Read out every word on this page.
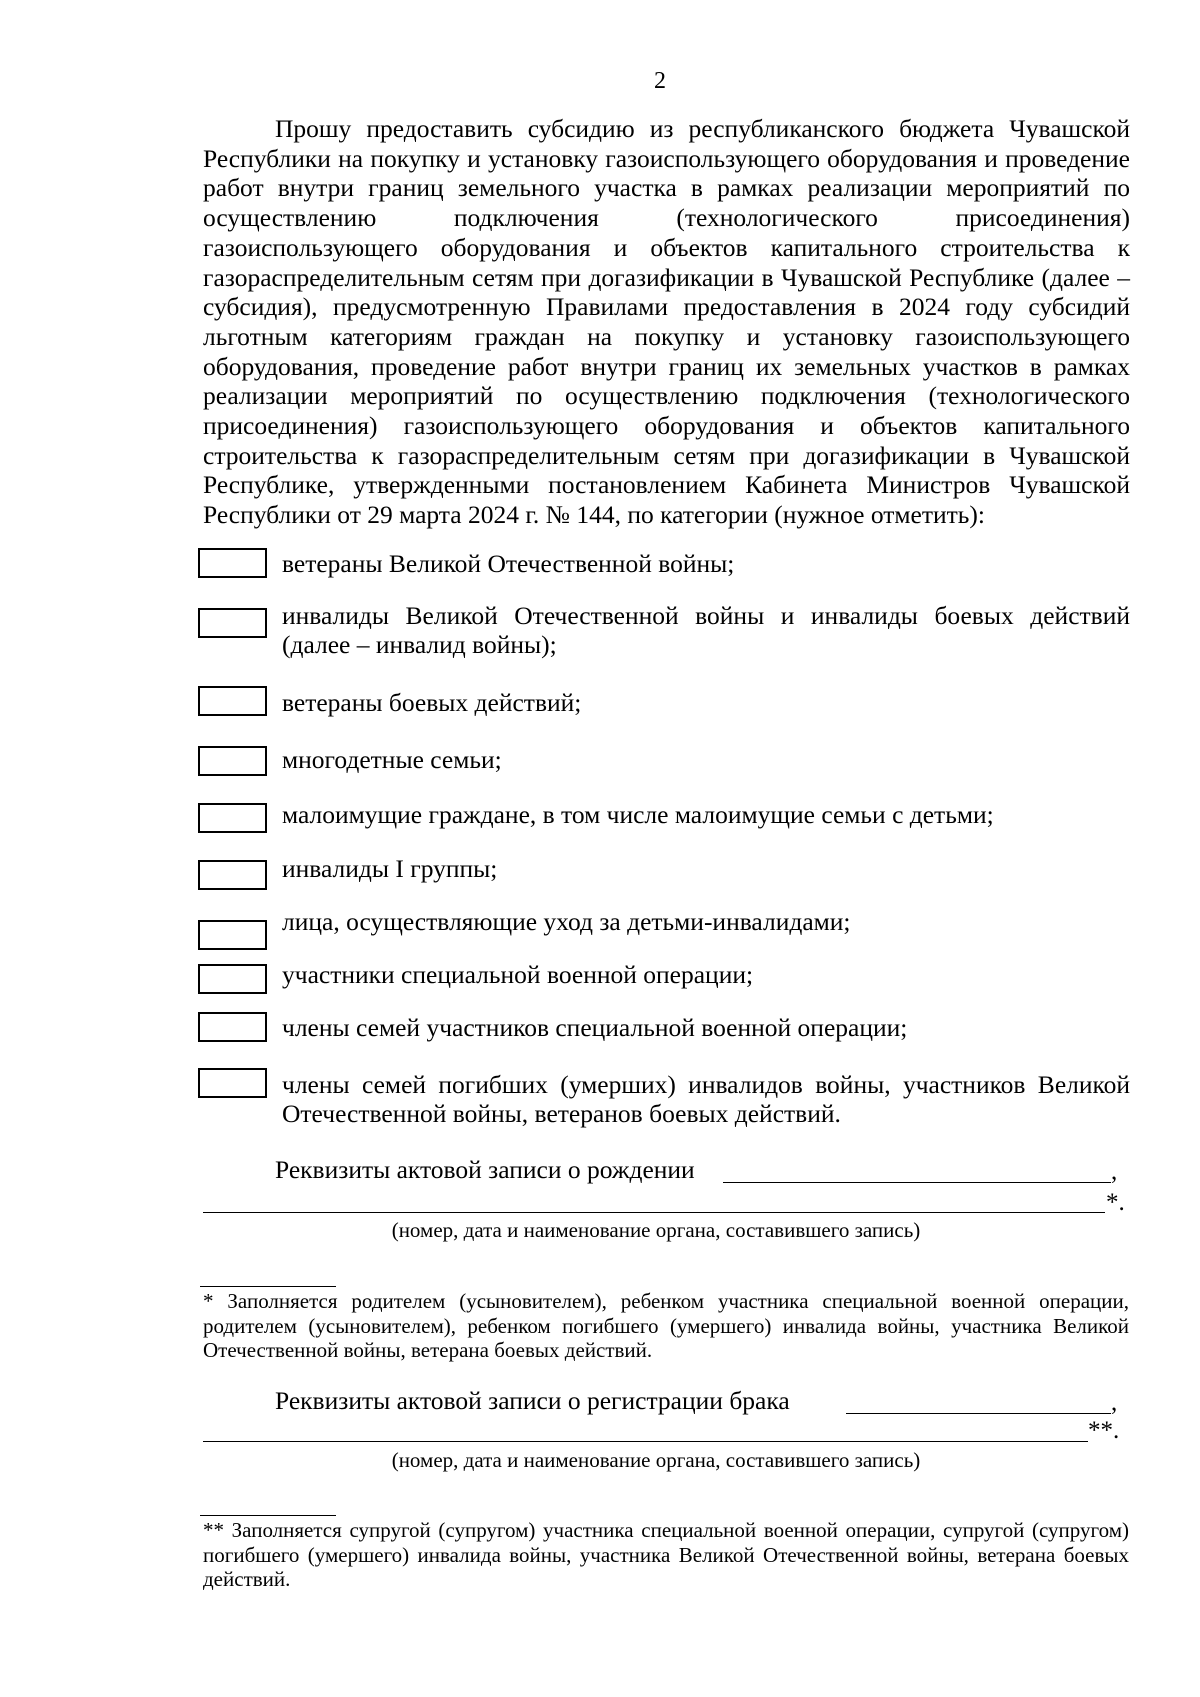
2

Прошу предоставить субсидию из республиканского бюджета Чувашской Республики на покупку и установку газоиспользующего оборудования и проведение работ внутри границ земельного участка в рамках реализации мероприятий по осуществлению подключения (технологического присоединения) газоиспользующего оборудования и объектов капитального строительства к газораспределительным сетям при догазификации в Чувашской Республике (далее – субсидия), предусмотренную Правилами предоставления в 2024 году субсидий льготным категориям граждан на покупку и установку газоиспользующего оборудования, проведение работ внутри границ их земельных участков в рамках реализации мероприятий по осуществлению подключения (технологического присоединения) газоиспользующего оборудования и объектов капитального строительства к газораспределительным сетям при догазификации в Чувашской Республике, утвержденными постановлением Кабинета Министров Чувашской Республики от 29 марта 2024 г. № 144, по категории (нужное отметить):

ветераны Великой Отечественной войны;
инвалиды Великой Отечественной войны и инвалиды боевых действий (далее – инвалид войны);
ветераны боевых действий;
многодетные семьи;
малоимущие граждане, в том числе малоимущие семьи с детьми;
инвалиды I группы;
лица, осуществляющие уход за детьми-инвалидами;
участники специальной военной операции;
члены семей участников специальной военной операции;
члены семей погибших (умерших) инвалидов войны, участников Великой Отечественной войны, ветеранов боевых действий.
Реквизиты актовой записи о рождении	,
*.
(номер, дата и наименование органа, составившего запись)

* Заполняется родителем (усыновителем), ребенком участника специальной военной операции, родителем (усыновителем), ребенком погибшего (умершего) инвалида войны, участника Великой Отечественной войны, ветерана боевых действий.

Реквизиты актовой записи о регистрации брака	,
**.
(номер, дата и наименование органа, составившего запись)

** Заполняется супругой (супругом) участника специальной военной операции, супругой (супругом) погибшего (умершего) инвалида войны, участника Великой Отечественной войны, ветерана боевых действий.
